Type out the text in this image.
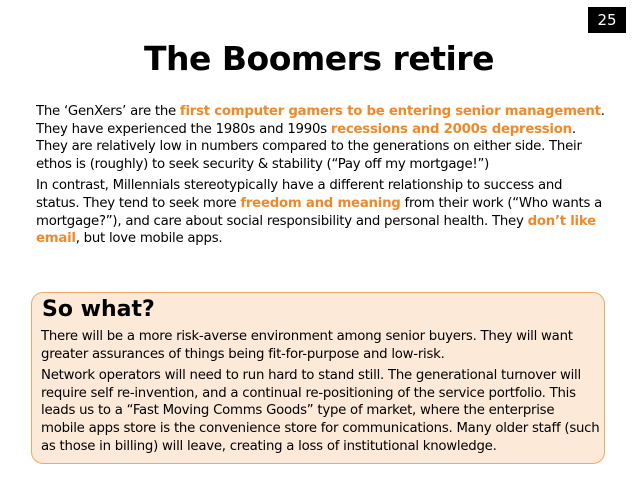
25
The Boomers retire

The ‘GenXers’ are the first computer gamers to be entering senior management. They have experienced the 1980s and 1990s recessions and 2000s depression. They are relatively low in numbers compared to the generations on either side. Their ethos is (roughly) to seek security & stability (“Pay off my mortgage!”)

In contrast, Millennials stereotypically have a different relationship to success and status. They tend to seek more freedom and meaning from their work (“Who wants a mortgage?”), and care about social responsibility and personal health. They don’t like email, but love mobile apps.

So what?

There will be a more risk-averse environment among senior buyers. They will want greater assurances of things being fit-for-purpose and low-risk.

Network operators will need to run hard to stand still. The generational turnover will require self re-invention, and a continual re-positioning of the service portfolio. This leads us to a “Fast Moving Comms Goods” type of market, where the enterprise mobile apps store is the convenience store for communications. Many older staff (such as those in billing) will leave, creating a loss of institutional knowledge.
